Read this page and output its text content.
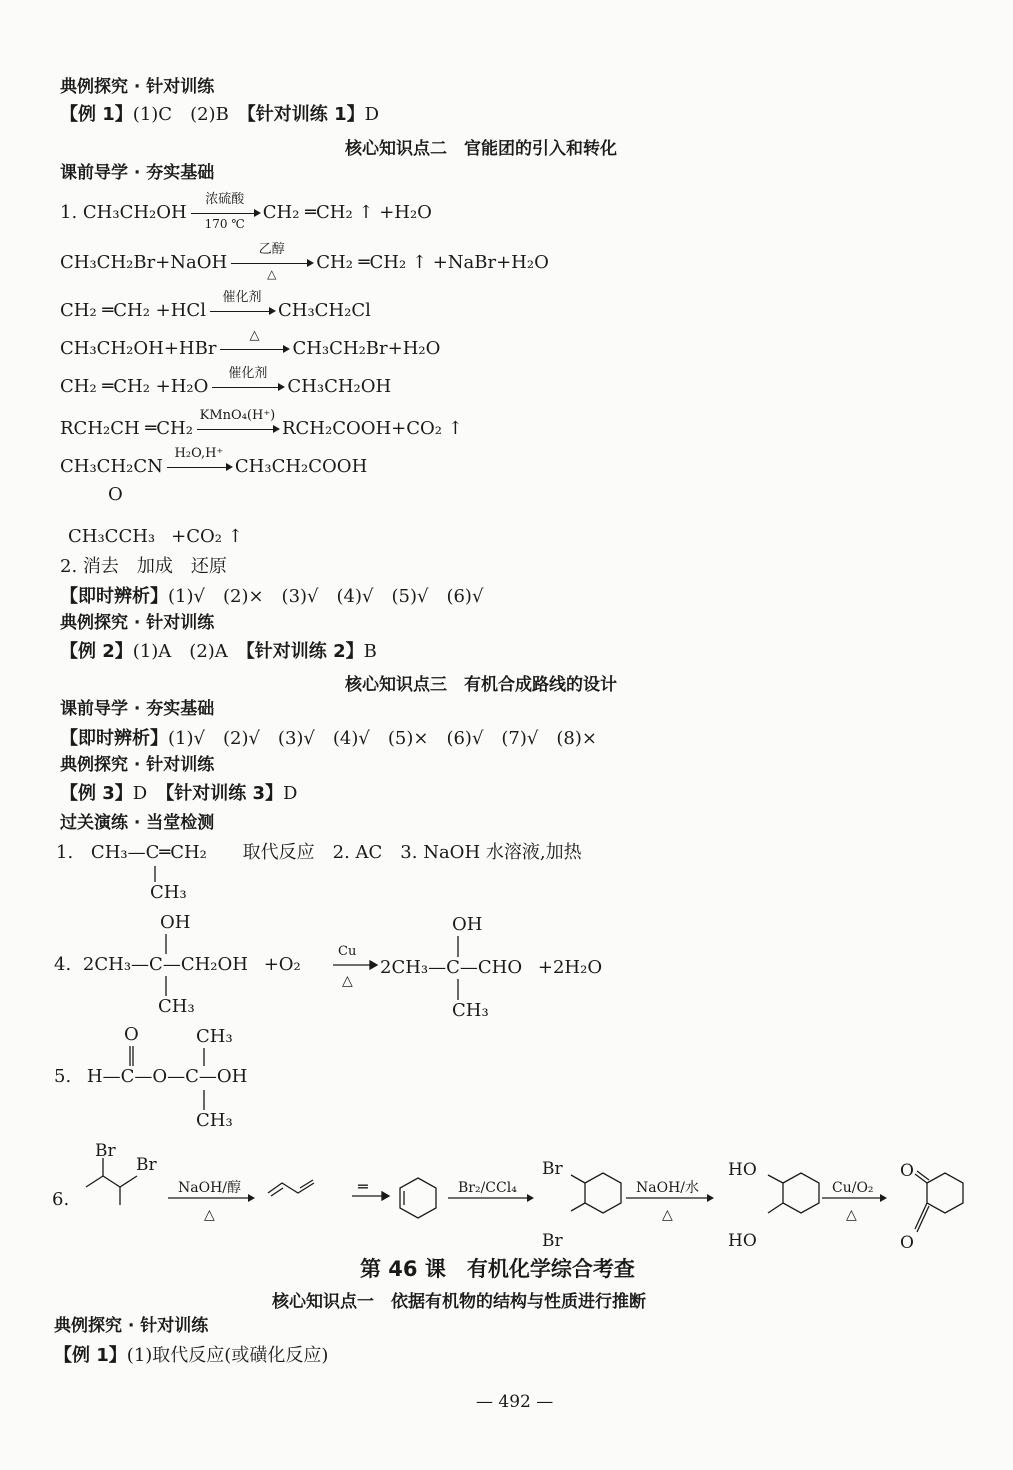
典例探究 · 针对训练
【例 1】(1)C　(2)B　【针对训练 1】D
核心知识点二　官能团的引入和转化
课前导学 · 夯实基础
1. CH₃CH₂OH
浓硫酸
170 ℃
CH₂ ═CH₂ ↑ +H₂O
CH₃CH₂Br+NaOH
乙醇
△
CH₂ ═CH₂ ↑ +NaBr+H₂O
CH₂ ═CH₂ +HCl
催化剂
CH₃CH₂Cl
CH₃CH₂OH+HBr
△
CH₃CH₂Br+H₂O
CH₂ ═CH₂ +H₂O
催化剂
CH₃CH₂OH
RCH₂CH ═CH₂
KMnO₄(H⁺)
RCH₂COOH+CO₂ ↑
CH₃CH₂CN
H₂O,H⁺
CH₃CH₂COOH
O
CH₃CCH₃ +CO₂ ↑
2. 消去　加成　还原
【即时辨析】(1)√　(2)×　(3)√　(4)√　(5)√　(6)√
典例探究 · 针对训练
【例 2】(1)A　(2)A　【针对训练 2】B
核心知识点三　有机合成路线的设计
课前导学 · 夯实基础
【即时辨析】(1)√　(2)√　(3)√　(4)√　(5)×　(6)√　(7)√　(8)×
典例探究 · 针对训练
【例 3】D　【针对训练 3】D
过关演练 · 当堂检测
1. CH₃—C═CH₂ 取代反应　2. AC　3. NaOH 水溶液,加热
CH₃
OH
4. 2CH₃—C—CH₂OH +O₂
CH₃
OH
2CH₃—C—CHO +2H₂O
CH₃
O	CH₃
5. H—C—O—C—OH
CH₃
Cu
△
6.
Br
Br
NaOH/醇
△
═	Br₂/CCl₄
Br
Br
NaOH/水
△
HO
HO
Cu/O₂
△
O
O
第 46 课　有机化学综合考查
核心知识点一　依据有机物的结构与性质进行推断
典例探究 · 针对训练
【例 1】(1)取代反应(或磺化反应)
— 492 —
